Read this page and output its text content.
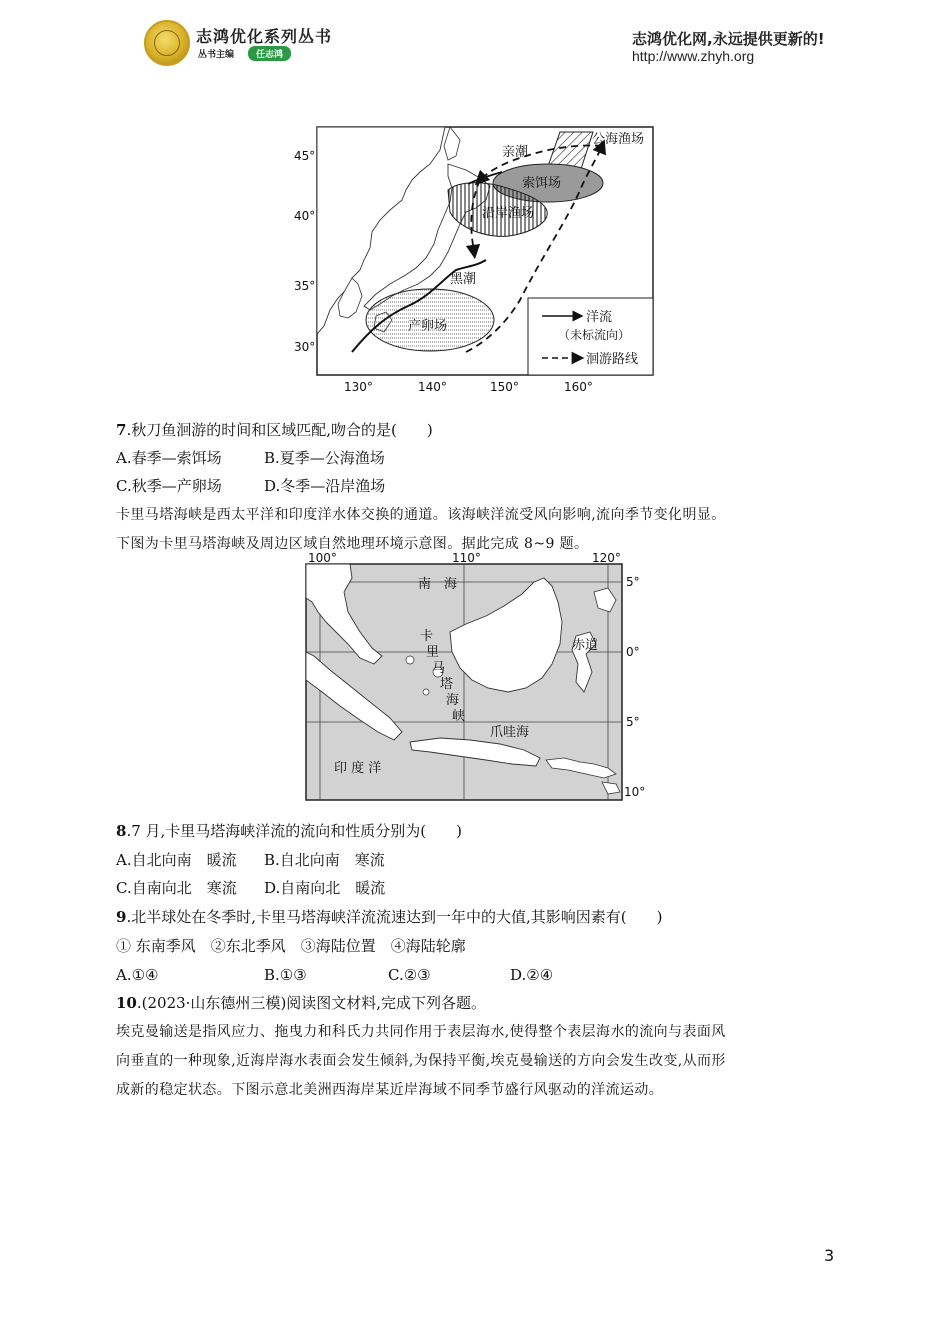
志鸿优化系列丛书
丛书主编	任志鸿
志鸿优化网,永远提供更新的!
http://www.zhyh.org
洋流
（未标流向）
洄游路线
亲潮
公海渔场
索饵场
沿岸渔场
黑潮
产卵场
45°
40°
35°
30°
130°	140°	150°	160°
7.秋刀鱼洄游的时间和区域匹配,吻合的是(　　)
A.春季—索饵场	B.夏季—公海渔场
C.秋季—产卵场	D.冬季—沿岸渔场
卡里马塔海峡是西太平洋和印度洋水体交换的通道。该海峡洋流受风向影响,流向季节变化明显。
下图为卡里马塔海峡及周边区域自然地理环境示意图。据此完成 8~9 题。
南　海
赤道
卡
里
马
塔
海
峡
爪哇海
印 度 洋
100°	110°	120°
5°
0°
5°
10°
8.7 月,卡里马塔海峡洋流的流向和性质分别为(　　)
A.自北向南　暖流 B.自北向南　寒流
C.自南向北　寒流 D.自南向北　暖流
9.北半球处在冬季时,卡里马塔海峡洋流流速达到一年中的大值,其影响因素有(　　)
① 东南季风　②东北季风　③海陆位置　④海陆轮廓
A.①④	B.①③	C.②③	D.②④
10.(2023·山东德州三模)阅读图文材料,完成下列各题。
埃克曼输送是指风应力、拖曳力和科氏力共同作用于表层海水,使得整个表层海水的流向与表面风
向垂直的一种现象,近海岸海水表面会发生倾斜,为保持平衡,埃克曼输送的方向会发生改变,从而形
成新的稳定状态。下图示意北美洲西海岸某近岸海域不同季节盛行风驱动的洋流运动。
3
